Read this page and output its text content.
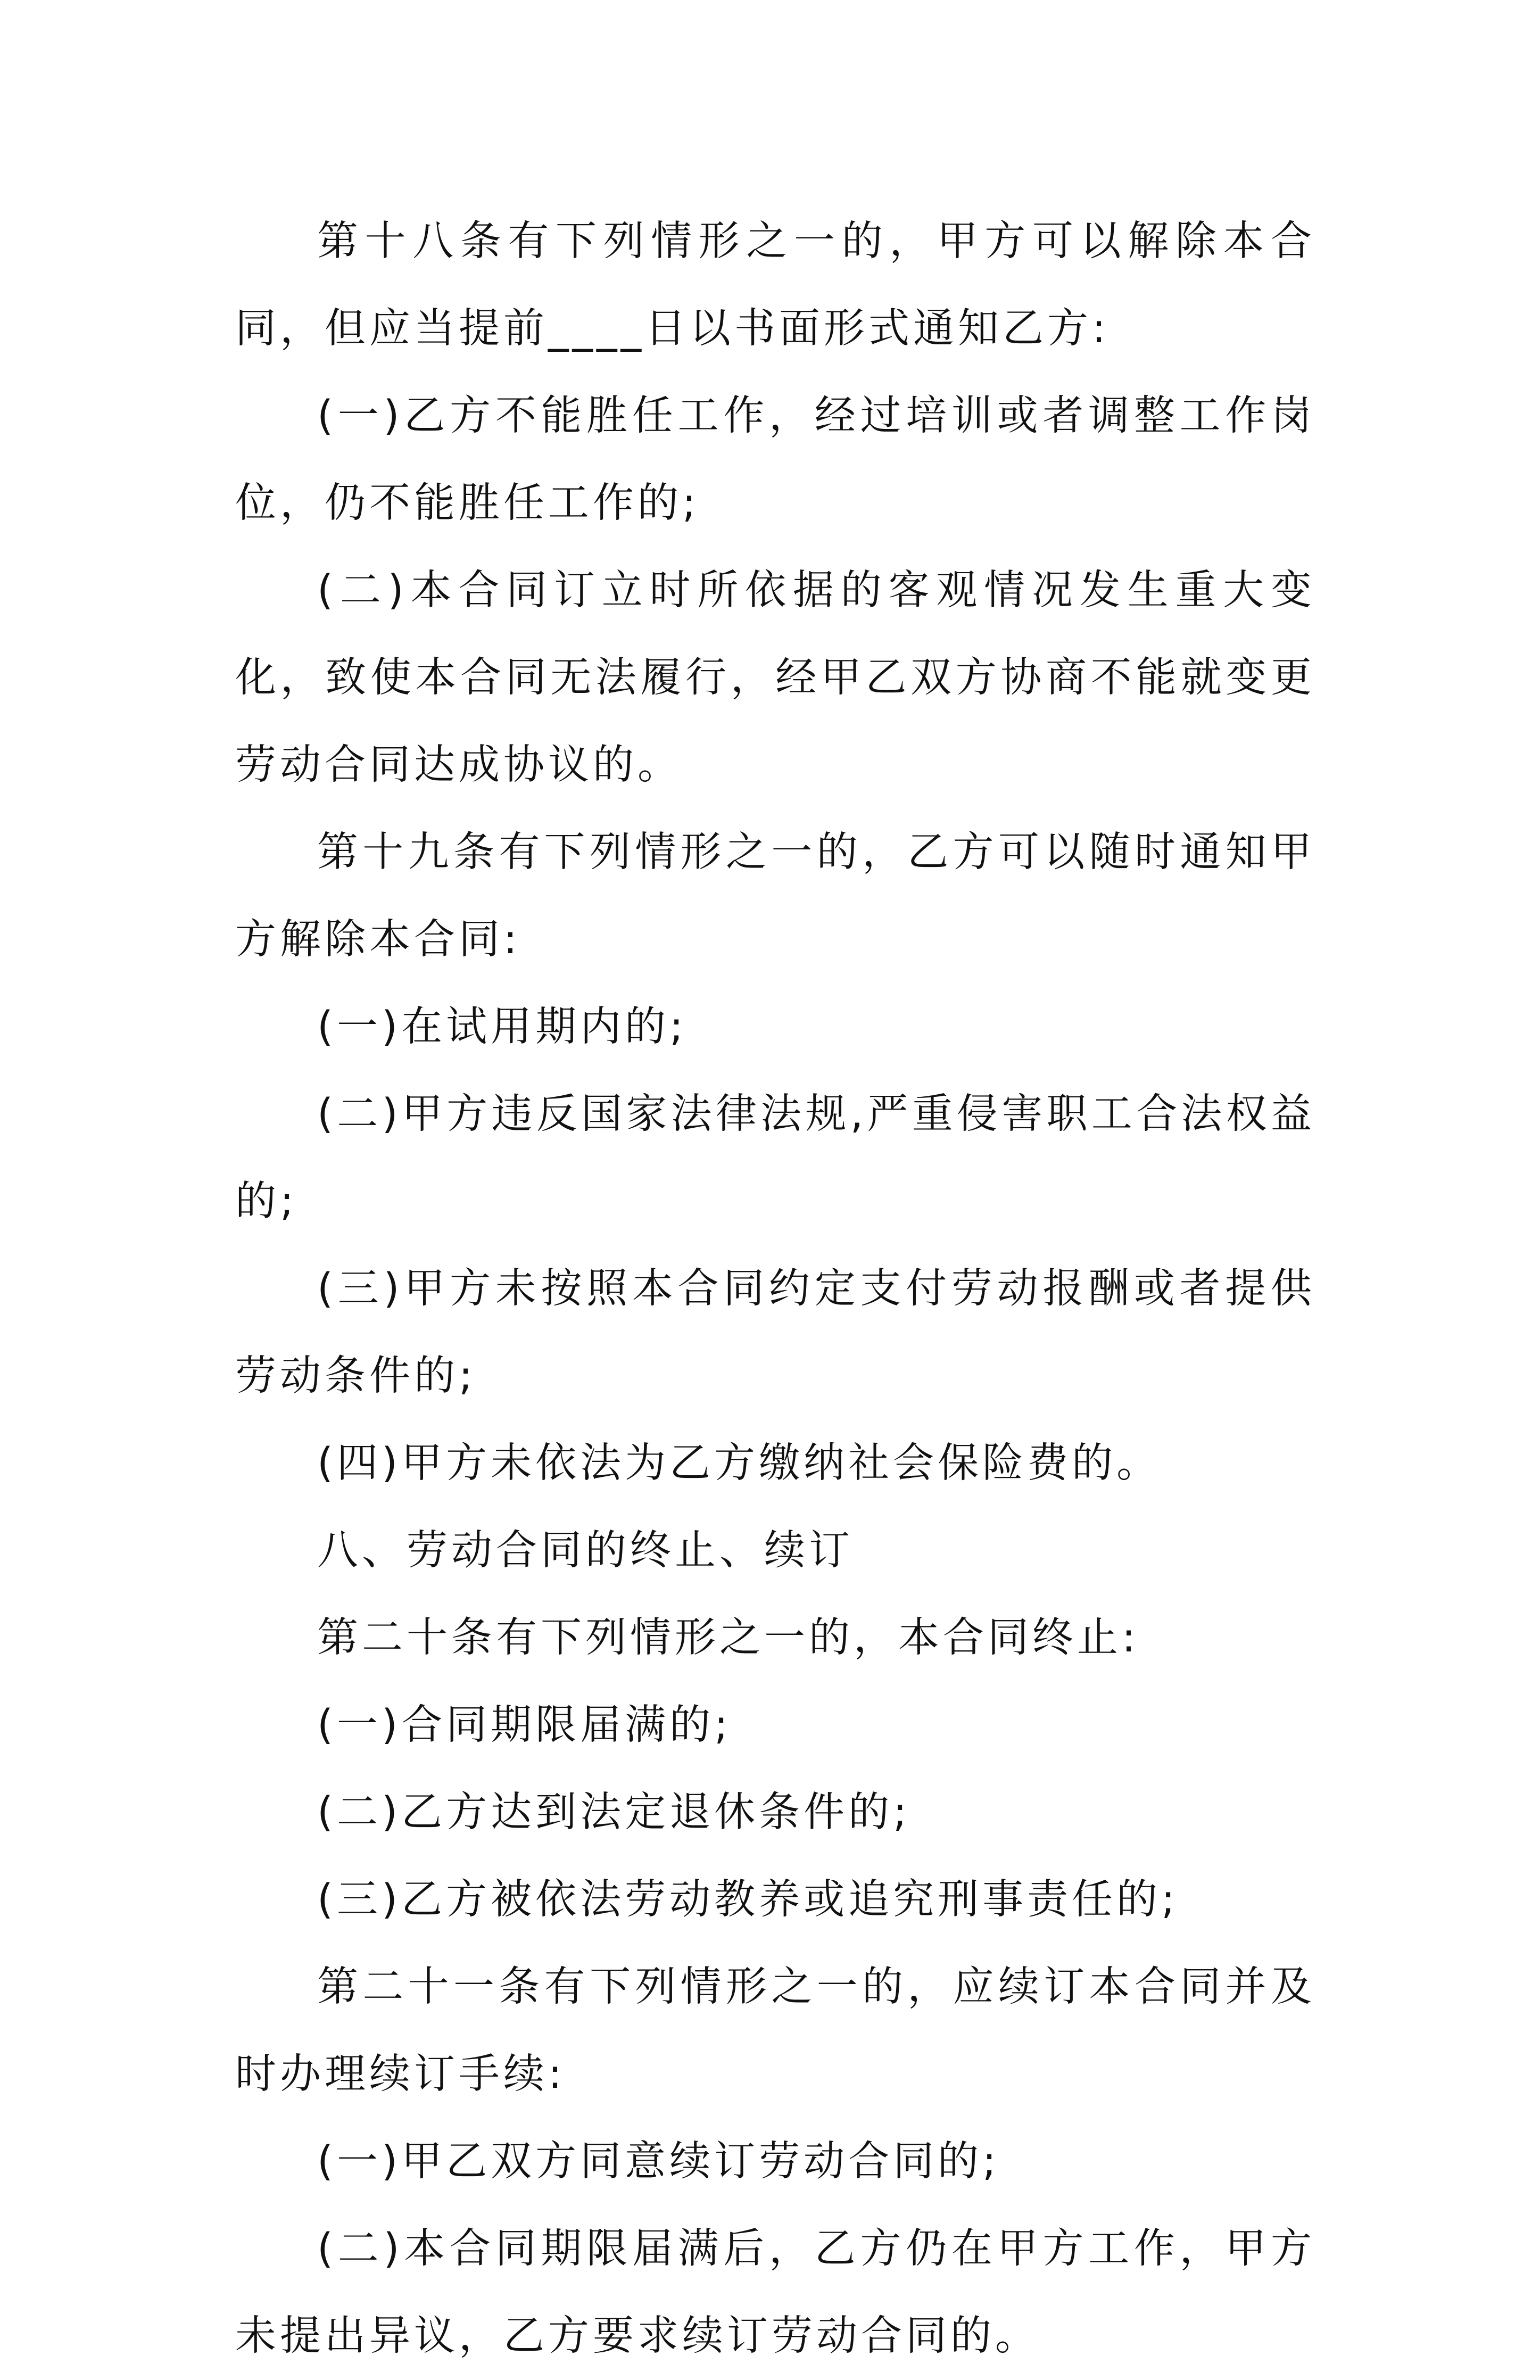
第十八条有下列情形之一的，甲方可以解除本合同，但应当提前____日以书面形式通知乙方:

(一)乙方不能胜任工作，经过培训或者调整工作岗位，仍不能胜任工作的;

(二)本合同订立时所依据的客观情况发生重大变化，致使本合同无法履行，经甲乙双方协商不能就变更劳动合同达成协议的。

第十九条有下列情形之一的，乙方可以随时通知甲方解除本合同:

(一)在试用期内的;

(二)甲方违反国家法律法规,严重侵害职工合法权益的;

(三)甲方未按照本合同约定支付劳动报酬或者提供劳动条件的;

(四)甲方未依法为乙方缴纳社会保险费的。

八、劳动合同的终止、续订

第二十条有下列情形之一的，本合同终止:

(一)合同期限届满的;

(二)乙方达到法定退休条件的;

(三)乙方被依法劳动教养或追究刑事责任的;

第二十一条有下列情形之一的，应续订本合同并及时办理续订手续:

(一)甲乙双方同意续订劳动合同的;

(二)本合同期限届满后，乙方仍在甲方工作，甲方未提出异议，乙方要求续订劳动合同的。
